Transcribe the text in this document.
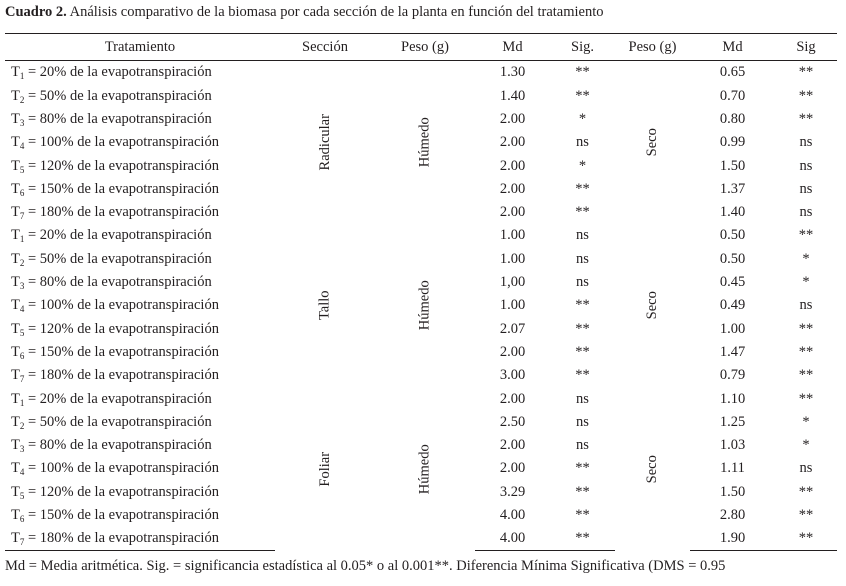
Cuadro 2. Análisis comparativo de la biomasa por cada sección de la planta en función del tratamiento
Tratamiento	Sección	Peso (g)	Md	Sig.	Peso (g)	Md	Sig
$T_1 = 20\%$ de la evapotranspiración	Radicular	Húmedo	1.30	**	Seco	0.65	**
$T_2 = 50\%$ de la evapotranspiración			1.40	**		0.70	**
$T_3 = 80\%$ de la evapotranspiración			2.00	*		0.80	**
$T_4 = 100\%$ de la evapotranspiración			2.00	ns		0.99	ns
$T_5 = 120\%$ de la evapotranspiración			2.00	*		1.50	ns
$T_6 = 150\%$ de la evapotranspiración			2.00	**		1.37	ns
$T_7 = 180\%$ de la evapotranspiración			2.00	**		1.40	ns
$T_1 = 20\%$ de la evapotranspiración	Tallo	Húmedo	1.00	ns	Seco	0.50	**
$T_2 = 50\%$ de la evapotranspiración			1.00	ns		0.50	*
$T_3 = 80\%$ de la evapotranspiración			1,00	ns		0.45	*
$T_4 = 100\%$ de la evapotranspiración			1.00	**		0.49	ns
$T_5 = 120\%$ de la evapotranspiración			2.07	**		1.00	**
$T_6 = 150\%$ de la evapotranspiración			2.00	**		1.47	**
$T_7 = 180\%$ de la evapotranspiración			3.00	**		0.79	**
$T_1 = 20\%$ de la evapotranspiración	Foliar	Húmedo	2.00	ns	Seco	1.10	**
$T_2 = 50\%$ de la evapotranspiración			2.50	ns		1.25	*
$T_3 = 80\%$ de la evapotranspiración			2.00	ns		1.03	*
$T_4 = 100\%$ de la evapotranspiración			2.00	**		1.11	ns
$T_5 = 120\%$ de la evapotranspiración			3.29	**		1.50	**
$T_6 = 150\%$ de la evapotranspiración			4.00	**		2.80	**
$T_7 = 180\%$ de la evapotranspiración			4.00	**		1.90	**
Md = Media aritmética. Sig. = significancia estadística al 0.05* o al 0.001**. Diferencia Mínima Significativa (DMS = 0.95
